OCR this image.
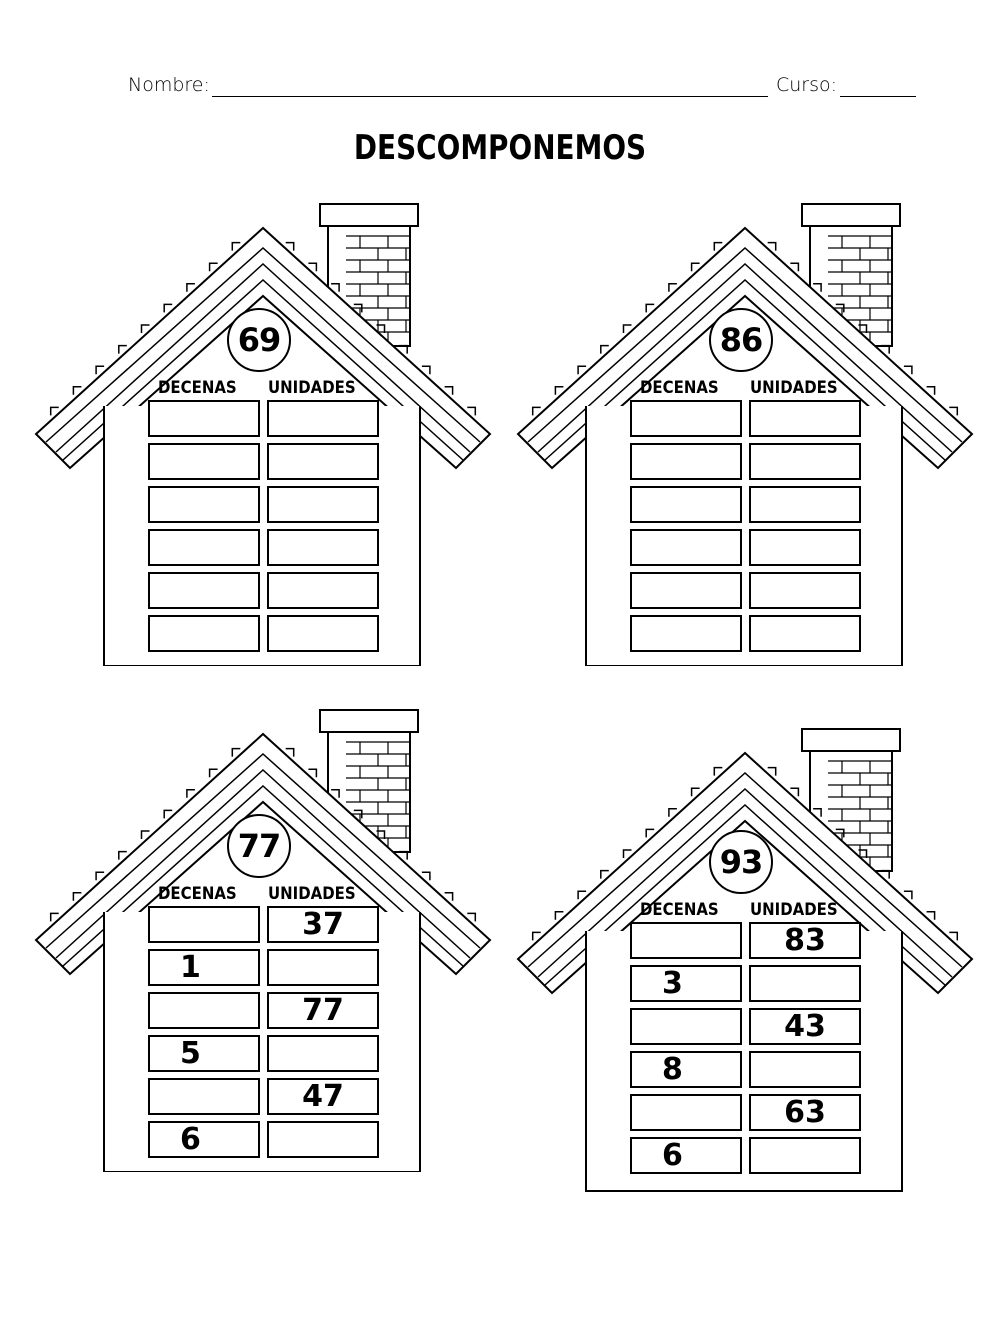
Nombre:	Curso:
DESCOMPONEMOS
69
DECENAS UNIDADES
86
DECENAS UNIDADES
77
DECENAS UNIDADES
37
1
77
5
47
6
93
DECENAS UNIDADES
83
3
43
8
63
6
